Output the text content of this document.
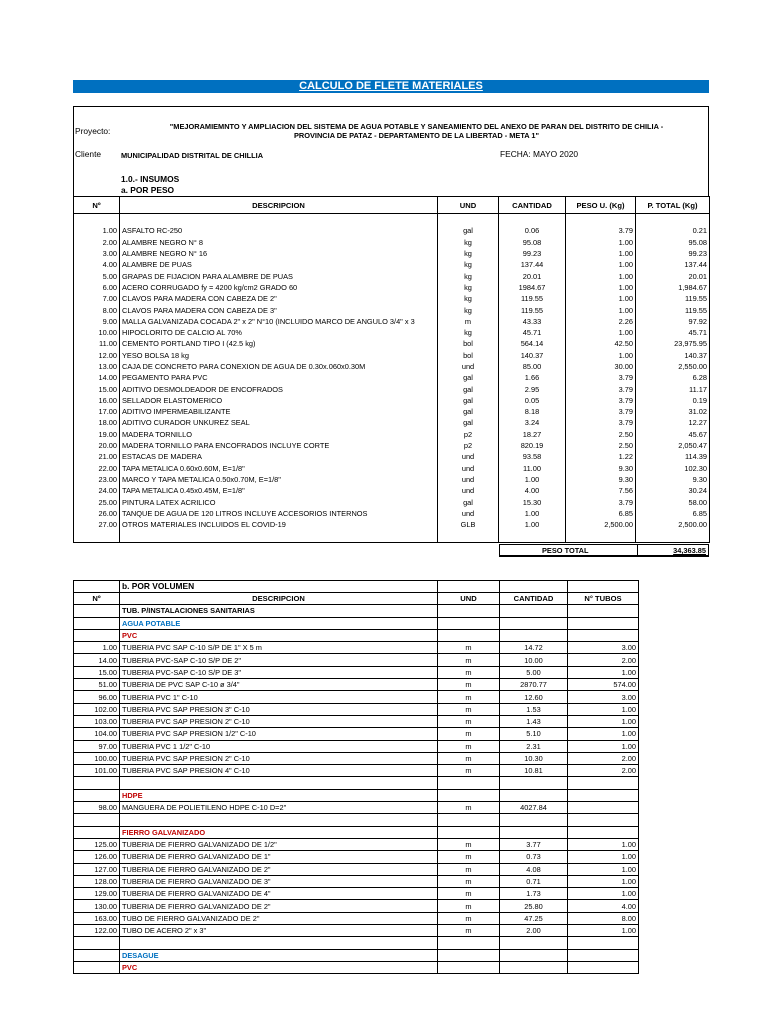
CALCULO DE FLETE MATERIALES
Proyecto:	"MEJORAMIEMNTO Y AMPLIACION DEL SISTEMA DE AGUA POTABLE Y SANEAMIENTO DEL ANEXO DE PARAN DEL DISTRITO DE CHILIA -
PROVINCIA DE PATAZ - DEPARTAMENTO DE LA LIBERTAD - META 1"
Cliente	MUNICIPALIDAD DISTRITAL DE CHILLIA	FECHA: MAYO 2020
1.0.- INSUMOS
a. POR PESO
Nº	DESCRIPCION	UND	CANTIDAD	PESO U. (Kg)	P. TOTAL (Kg)

1.00	ASFALTO RC-250	gal	0.06	3.79	0.21
2.00	ALAMBRE NEGRO N° 8	kg	95.08	1.00	95.08
3.00	ALAMBRE NEGRO N° 16	kg	99.23	1.00	99.23
4.00	ALAMBRE DE PUAS	kg	137.44	1.00	137.44
5.00	GRAPAS DE FIJACION PARA ALAMBRE DE PUAS	kg	20.01	1.00	20.01
6.00	ACERO CORRUGADO fy = 4200 kg/cm2 GRADO 60	kg	1984.67	1.00	1,984.67
7.00	CLAVOS PARA MADERA CON CABEZA DE 2"	kg	119.55	1.00	119.55
8.00	CLAVOS PARA MADERA CON CABEZA DE 3"	kg	119.55	1.00	119.55
9.00	MALLA GALVANIZADA COCADA 2" x 2" N°10 (INCLUIDO MARCO DE ANGULO 3/4" x 3	m	43.33	2.26	97.92
10.00	HIPOCLORITO DE CALCIO AL 70%	kg	45.71	1.00	45.71
11.00	CEMENTO PORTLAND TIPO I (42.5 kg)	bol	564.14	42.50	23,975.95
12.00	YESO BOLSA 18 kg	bol	140.37	1.00	140.37
13.00	CAJA DE CONCRETO PARA CONEXION DE AGUA DE 0.30x.060x0.30M	und	85.00	30.00	2,550.00
14.00	PEGAMENTO PARA PVC	gal	1.66	3.79	6.28
15.00	ADITIVO DESMOLDEADOR DE ENCOFRADOS	gal	2.95	3.79	11.17
16.00	SELLADOR ELASTOMERICO	gal	0.05	3.79	0.19
17.00	ADITIVO IMPERMEABILIZANTE	gal	8.18	3.79	31.02
18.00	ADITIVO CURADOR UNKUREZ SEAL	gal	3.24	3.79	12.27
19.00	MADERA TORNILLO	p2	18.27	2.50	45.67
20.00	MADERA TORNILLO PARA ENCOFRADOS INCLUYE CORTE	p2	820.19	2.50	2,050.47
21.00	ESTACAS DE MADERA	und	93.58	1.22	114.39
22.00	TAPA METALICA 0.60x0.60M, E=1/8"	und	11.00	9.30	102.30
23.00	MARCO Y TAPA METALICA 0.50x0.70M, E=1/8"	und	1.00	9.30	9.30
24.00	TAPA METALICA 0.45x0.45M, E=1/8"	und	4.00	7.56	30.24
25.00	PINTURA LATEX ACRILICO	gal	15.30	3.79	58.00
26.00	TANQUE DE AGUA DE 120 LITROS INCLUYE ACCESORIOS INTERNOS	und	1.00	6.85	6.85
27.00	OTROS MATERIALES INCLUIDOS EL COVID-19	GLB	1.00	2,500.00	2,500.00

PESO TOTAL	34,363.85
	b. POR VOLUMEN			
Nº	DESCRIPCION	UND	CANTIDAD	N° TUBOS
	TUB. P/INSTALACIONES SANITARIAS			
	AGUA POTABLE			
	PVC			
1.00	TUBERIA PVC SAP C-10 S/P DE 1" X 5 m	m	14.72	3.00
14.00	TUBERIA PVC-SAP C-10 S/P DE 2"	m	10.00	2.00
15.00	TUBERIA PVC-SAP C-10 S/P DE 3"	m	5.00	1.00
51.00	TUBERIA DE PVC SAP C-10 ø 3/4"	m	2870.77	574.00
96.00	TUBERIA PVC 1" C-10	m	12.60	3.00
102.00	TUBERIA PVC SAP PRESION 3" C-10	m	1.53	1.00
103.00	TUBERIA PVC SAP PRESION 2" C-10	m	1.43	1.00
104.00	TUBERIA PVC SAP PRESION 1/2" C-10	m	5.10	1.00
97.00	TUBERIA PVC 1 1/2" C-10	m	2.31	1.00
100.00	TUBERIA PVC SAP PRESION 2" C-10	m	10.30	2.00
101.00	TUBERIA PVC SAP PRESION 4" C-10	m	10.81	2.00

	HDPE			
98.00	MANGUERA DE POLIETILENO HDPE C-10 D=2"	m	4027.84	

	FIERRO GALVANIZADO			
125.00	TUBERIA DE FIERRO GALVANIZADO DE 1/2"	m	3.77	1.00
126.00	TUBERIA DE FIERRO GALVANIZADO DE 1"	m	0.73	1.00
127.00	TUBERIA DE FIERRO GALVANIZADO DE 2"	m	4.08	1.00
128.00	TUBERIA DE FIERRO GALVANIZADO DE 3"	m	0.71	1.00
129.00	TUBERIA DE FIERRO GALVANIZADO DE 4"	m	1.73	1.00
130.00	TUBERIA DE FIERRO GALVANIZADO DE 2"	m	25.80	4.00
163.00	TUBO DE FIERRO GALVANIZADO DE 2"	m	47.25	8.00
122.00	TUBO DE ACERO 2" x 3"	m	2.00	1.00

	DESAGUE			
	PVC			
